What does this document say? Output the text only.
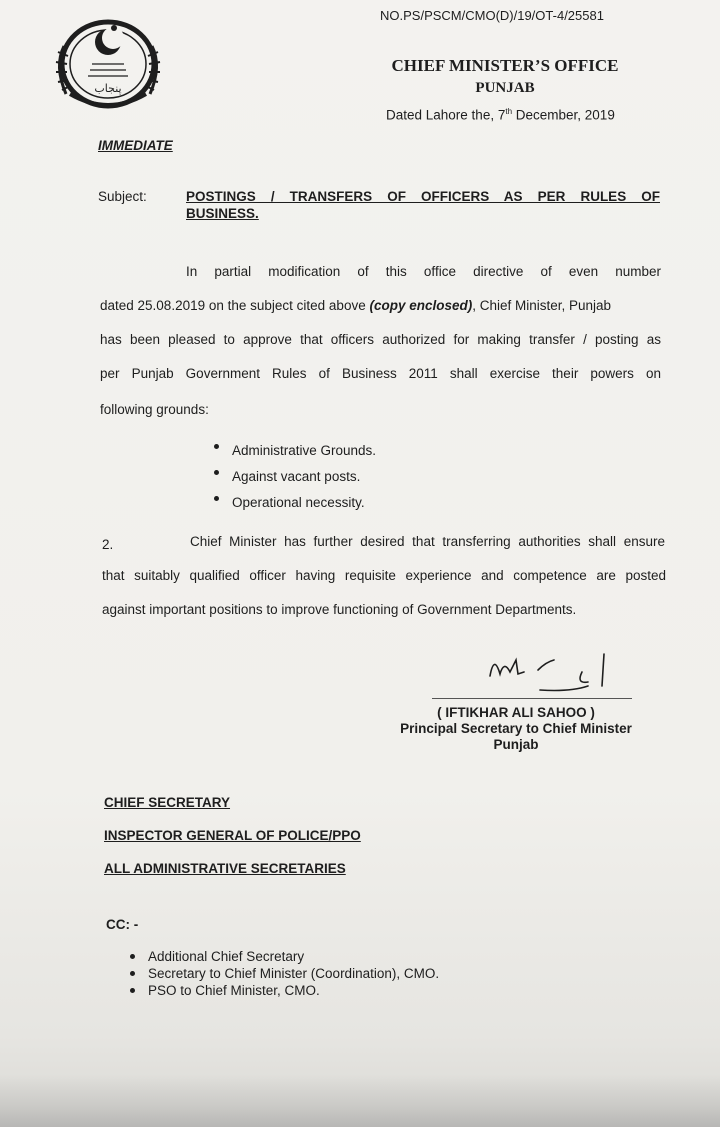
پنجاب
NO.PS/PSCM/CMO(D)/19/OT-4/25581
CHIEF MINISTER’S OFFICE
PUNJAB
Dated Lahore the, 7th December, 2019
IMMEDIATE
Subject:	POSTINGS / TRANSFERS OF OFFICERS AS PER RULES OF
BUSINESS.
In partial modification of this office directive of even number
dated 25.08.2019 on the subject cited above (copy enclosed), Chief Minister, Punjab
has been pleased to approve that officers authorized for making transfer / posting as
per Punjab Government Rules of Business 2011 shall exercise their powers on
following grounds:
Administrative Grounds.
Against vacant posts.
Operational necessity.
2.	Chief Minister has further desired that transferring authorities shall ensure
that suitably qualified officer having requisite experience and competence are posted
against important positions to improve functioning of Government Departments.
( IFTIKHAR ALI SAHOO )
Principal Secretary to Chief Minister
Punjab
CHIEF SECRETARY
INSPECTOR GENERAL OF POLICE/PPO
ALL ADMINISTRATIVE SECRETARIES
CC: -
Additional Chief Secretary
Secretary to Chief Minister (Coordination), CMO.
PSO to Chief Minister, CMO.
